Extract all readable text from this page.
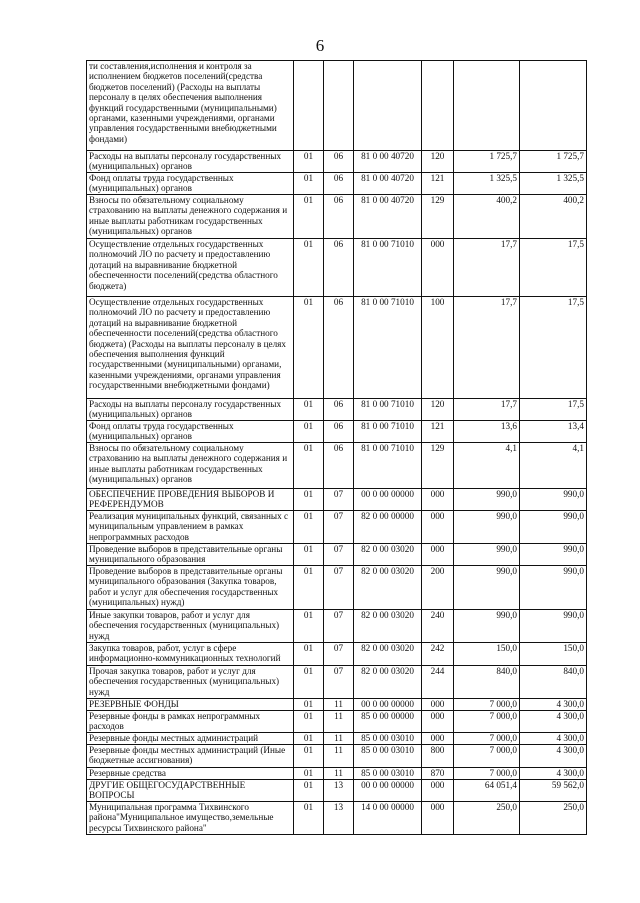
6
ти составления,исполнения и контроля за исполнением бюджетов поселений(средства бюджетов поселений) (Расходы на выплаты персоналу в целях обеспечения выполнения функций государственными (муниципальными) органами, казенными учреждениями, органами управления государственными внебюджетными фондами)						
Расходы на выплаты персоналу государственных (муниципальных) органов	01	06	81 0 00 40720	120	1 725,7	1 725,7
Фонд оплаты труда государственных (муниципальных) органов	01	06	81 0 00 40720	121	1 325,5	1 325,5
Взносы по обязательному социальному страхованию на выплаты денежного содержания и иные выплаты работникам государственных (муниципальных) органов	01	06	81 0 00 40720	129	400,2	400,2
Осуществление отдельных государственных полномочий ЛО по расчету и предоставлению дотаций на выравнивание бюджетной обеспеченности поселений(средства областного бюджета)	01	06	81 0 00 71010	000	17,7	17,5
Осуществление отдельных государственных полномочий ЛО по расчету и предоставлению дотаций на выравнивание бюджетной обеспеченности поселений(средства областного бюджета) (Расходы на выплаты персоналу в целях обеспечения выполнения функций государственными (муниципальными) органами, казенными учреждениями, органами управления государственными внебюджетными фондами)	01	06	81 0 00 71010	100	17,7	17,5
Расходы на выплаты персоналу государственных (муниципальных) органов	01	06	81 0 00 71010	120	17,7	17,5
Фонд оплаты труда государственных (муниципальных) органов	01	06	81 0 00 71010	121	13,6	13,4
Взносы по обязательному социальному страхованию на выплаты денежного содержания и иные выплаты работникам государственных (муниципальных) органов	01	06	81 0 00 71010	129	4,1	4,1
ОБЕСПЕЧЕНИЕ ПРОВЕДЕНИЯ ВЫБОРОВ И РЕФЕРЕНДУМОВ	01	07	00 0 00 00000	000	990,0	990,0
Реализация муниципальных функций, связанных с муниципальным управлением в рамках непрограммных расходов	01	07	82 0 00 00000	000	990,0	990,0
Проведение выборов в представительные органы муниципального образования	01	07	82 0 00 03020	000	990,0	990,0
Проведение выборов в представительные органы муниципального образования (Закупка товаров, работ и услуг для обеспечения государственных (муниципальных) нужд)	01	07	82 0 00 03020	200	990,0	990,0
Иные закупки товаров, работ и услуг для обеспечения государственных (муниципальных) нужд	01	07	82 0 00 03020	240	990,0	990,0
Закупка товаров, работ, услуг в сфере информационно-коммуникационных технологий	01	07	82 0 00 03020	242	150,0	150,0
Прочая закупка товаров, работ и услуг для обеспечения государственных (муниципальных) нужд	01	07	82 0 00 03020	244	840,0	840,0
РЕЗЕРВНЫЕ ФОНДЫ	01	11	00 0 00 00000	000	7 000,0	4 300,0
Резервные фонды в рамках непрограммных расходов	01	11	85 0 00 00000	000	7 000,0	4 300,0
Резервные фонды местных администраций	01	11	85 0 00 03010	000	7 000,0	4 300,0
Резервные фонды местных администраций (Иные бюджетные ассигнования)	01	11	85 0 00 03010	800	7 000,0	4 300,0
Резервные средства	01	11	85 0 00 03010	870	7 000,0	4 300,0
ДРУГИЕ ОБЩЕГОСУДАРСТВЕННЫЕ ВОПРОСЫ	01	13	00 0 00 00000	000	64 051,4	59 562,0
Муниципальная программа Тихвинского района"Муниципальное имущество,земельные ресурсы Тихвинского района"	01	13	14 0 00 00000	000	250,0	250,0
